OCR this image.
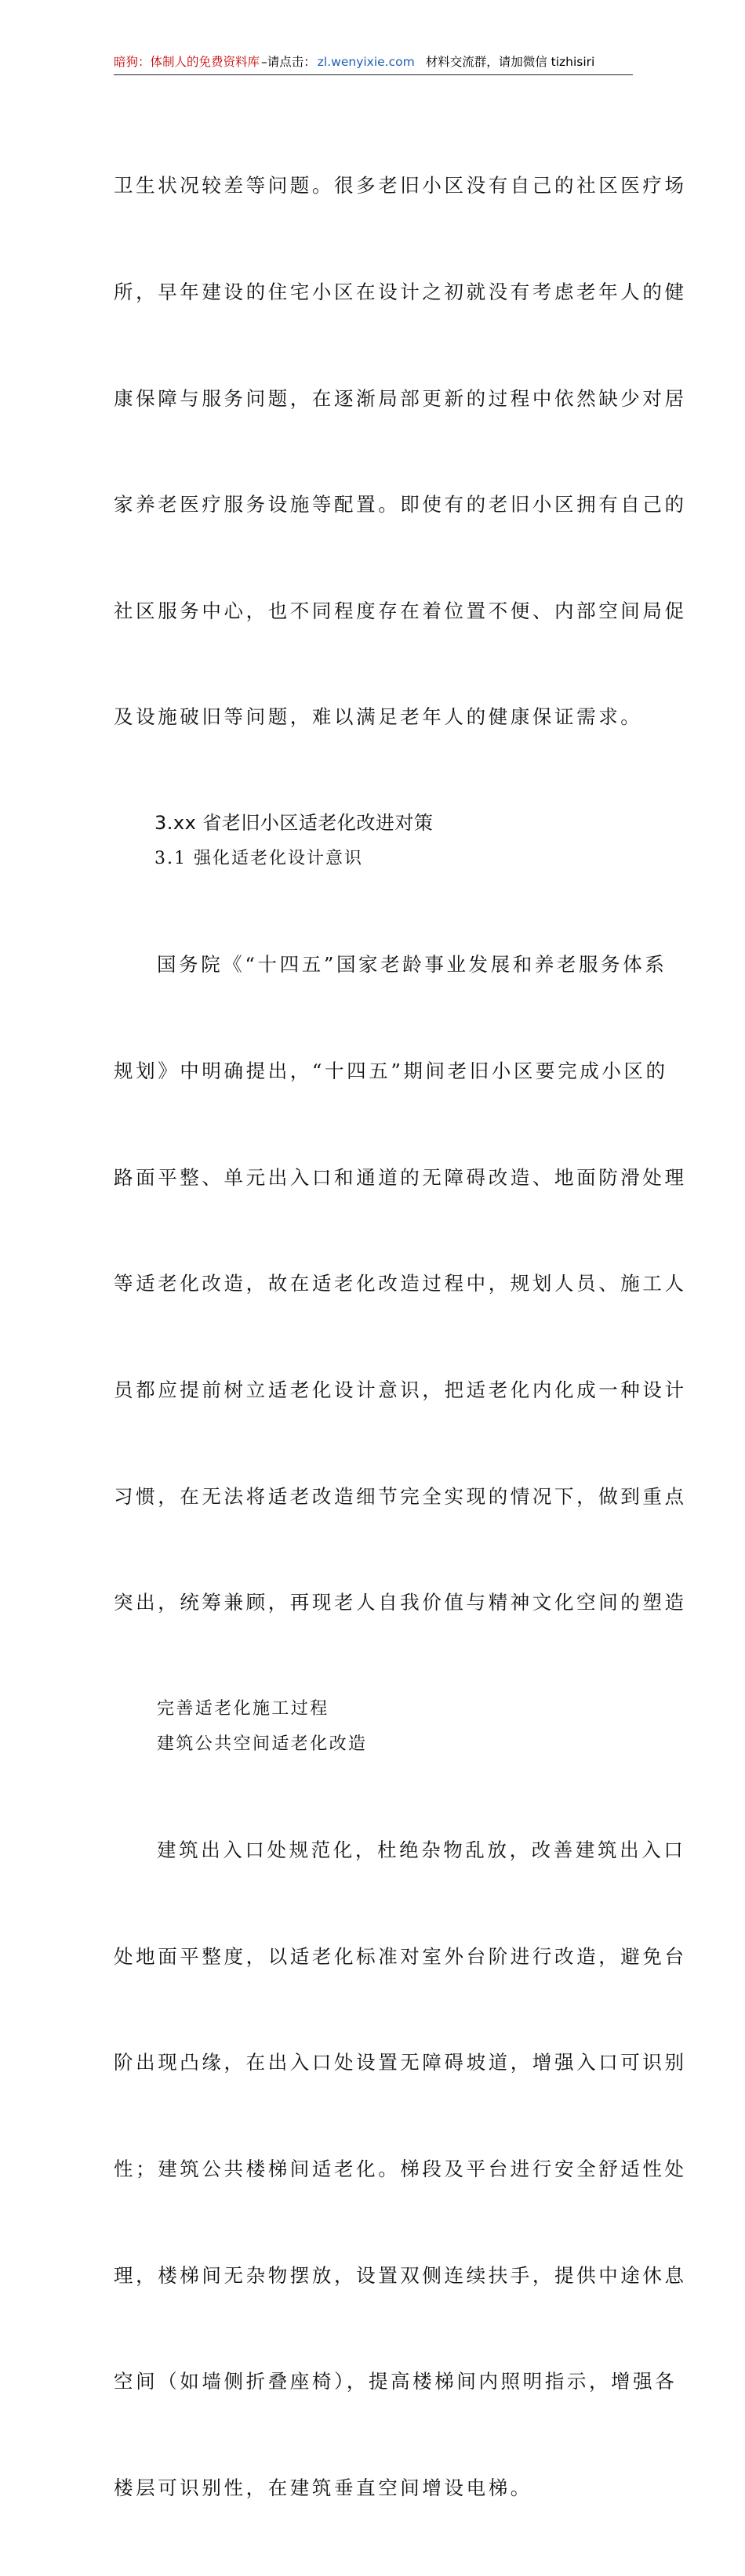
暗狗：体制人的免费资料库 –请点击： zl.wenyixie.com 材料交流群，请加微信 tizhisiri

卫生状况较差等问题。很多老旧小区没有自己的社区医疗场

所，早年建设的住宅小区在设计之初就没有考虑老年人的健

康保障与服务问题，在逐渐局部更新的过程中依然缺少对居

家养老医疗服务设施等配置。即使有的老旧小区拥有自己的

社区服务中心，也不同程度存在着位置不便、内部空间局促

及设施破旧等问题，难以满足老年人的健康保证需求。

3.xx 省老旧小区适老化改进对策

3.1 强化适老化设计意识

国务院《“十四五”国家老龄事业发展和养老服务体系

规划》中明确提出，“十四五”期间老旧小区要完成小区的

路面平整、单元出入口和通道的无障碍改造、地面防滑处理

等适老化改造，故在适老化改造过程中，规划人员、施工人

员都应提前树立适老化设计意识，把适老化内化成一种设计

习惯，在无法将适老改造细节完全实现的情况下，做到重点

突出，统筹兼顾，再现老人自我价值与精神文化空间的塑造

完善适老化施工过程

建筑公共空间适老化改造

建筑出入口处规范化，杜绝杂物乱放，改善建筑出入口

处地面平整度，以适老化标准对室外台阶进行改造，避免台

阶出现凸缘，在出入口处设置无障碍坡道，增强入口可识别

性；建筑公共楼梯间适老化。梯段及平台进行安全舒适性处

理，楼梯间无杂物摆放，设置双侧连续扶手，提供中途休息

空间（如墙侧折叠座椅），提高楼梯间内照明指示，增强各

楼层可识别性，在建筑垂直空间增设电梯。
